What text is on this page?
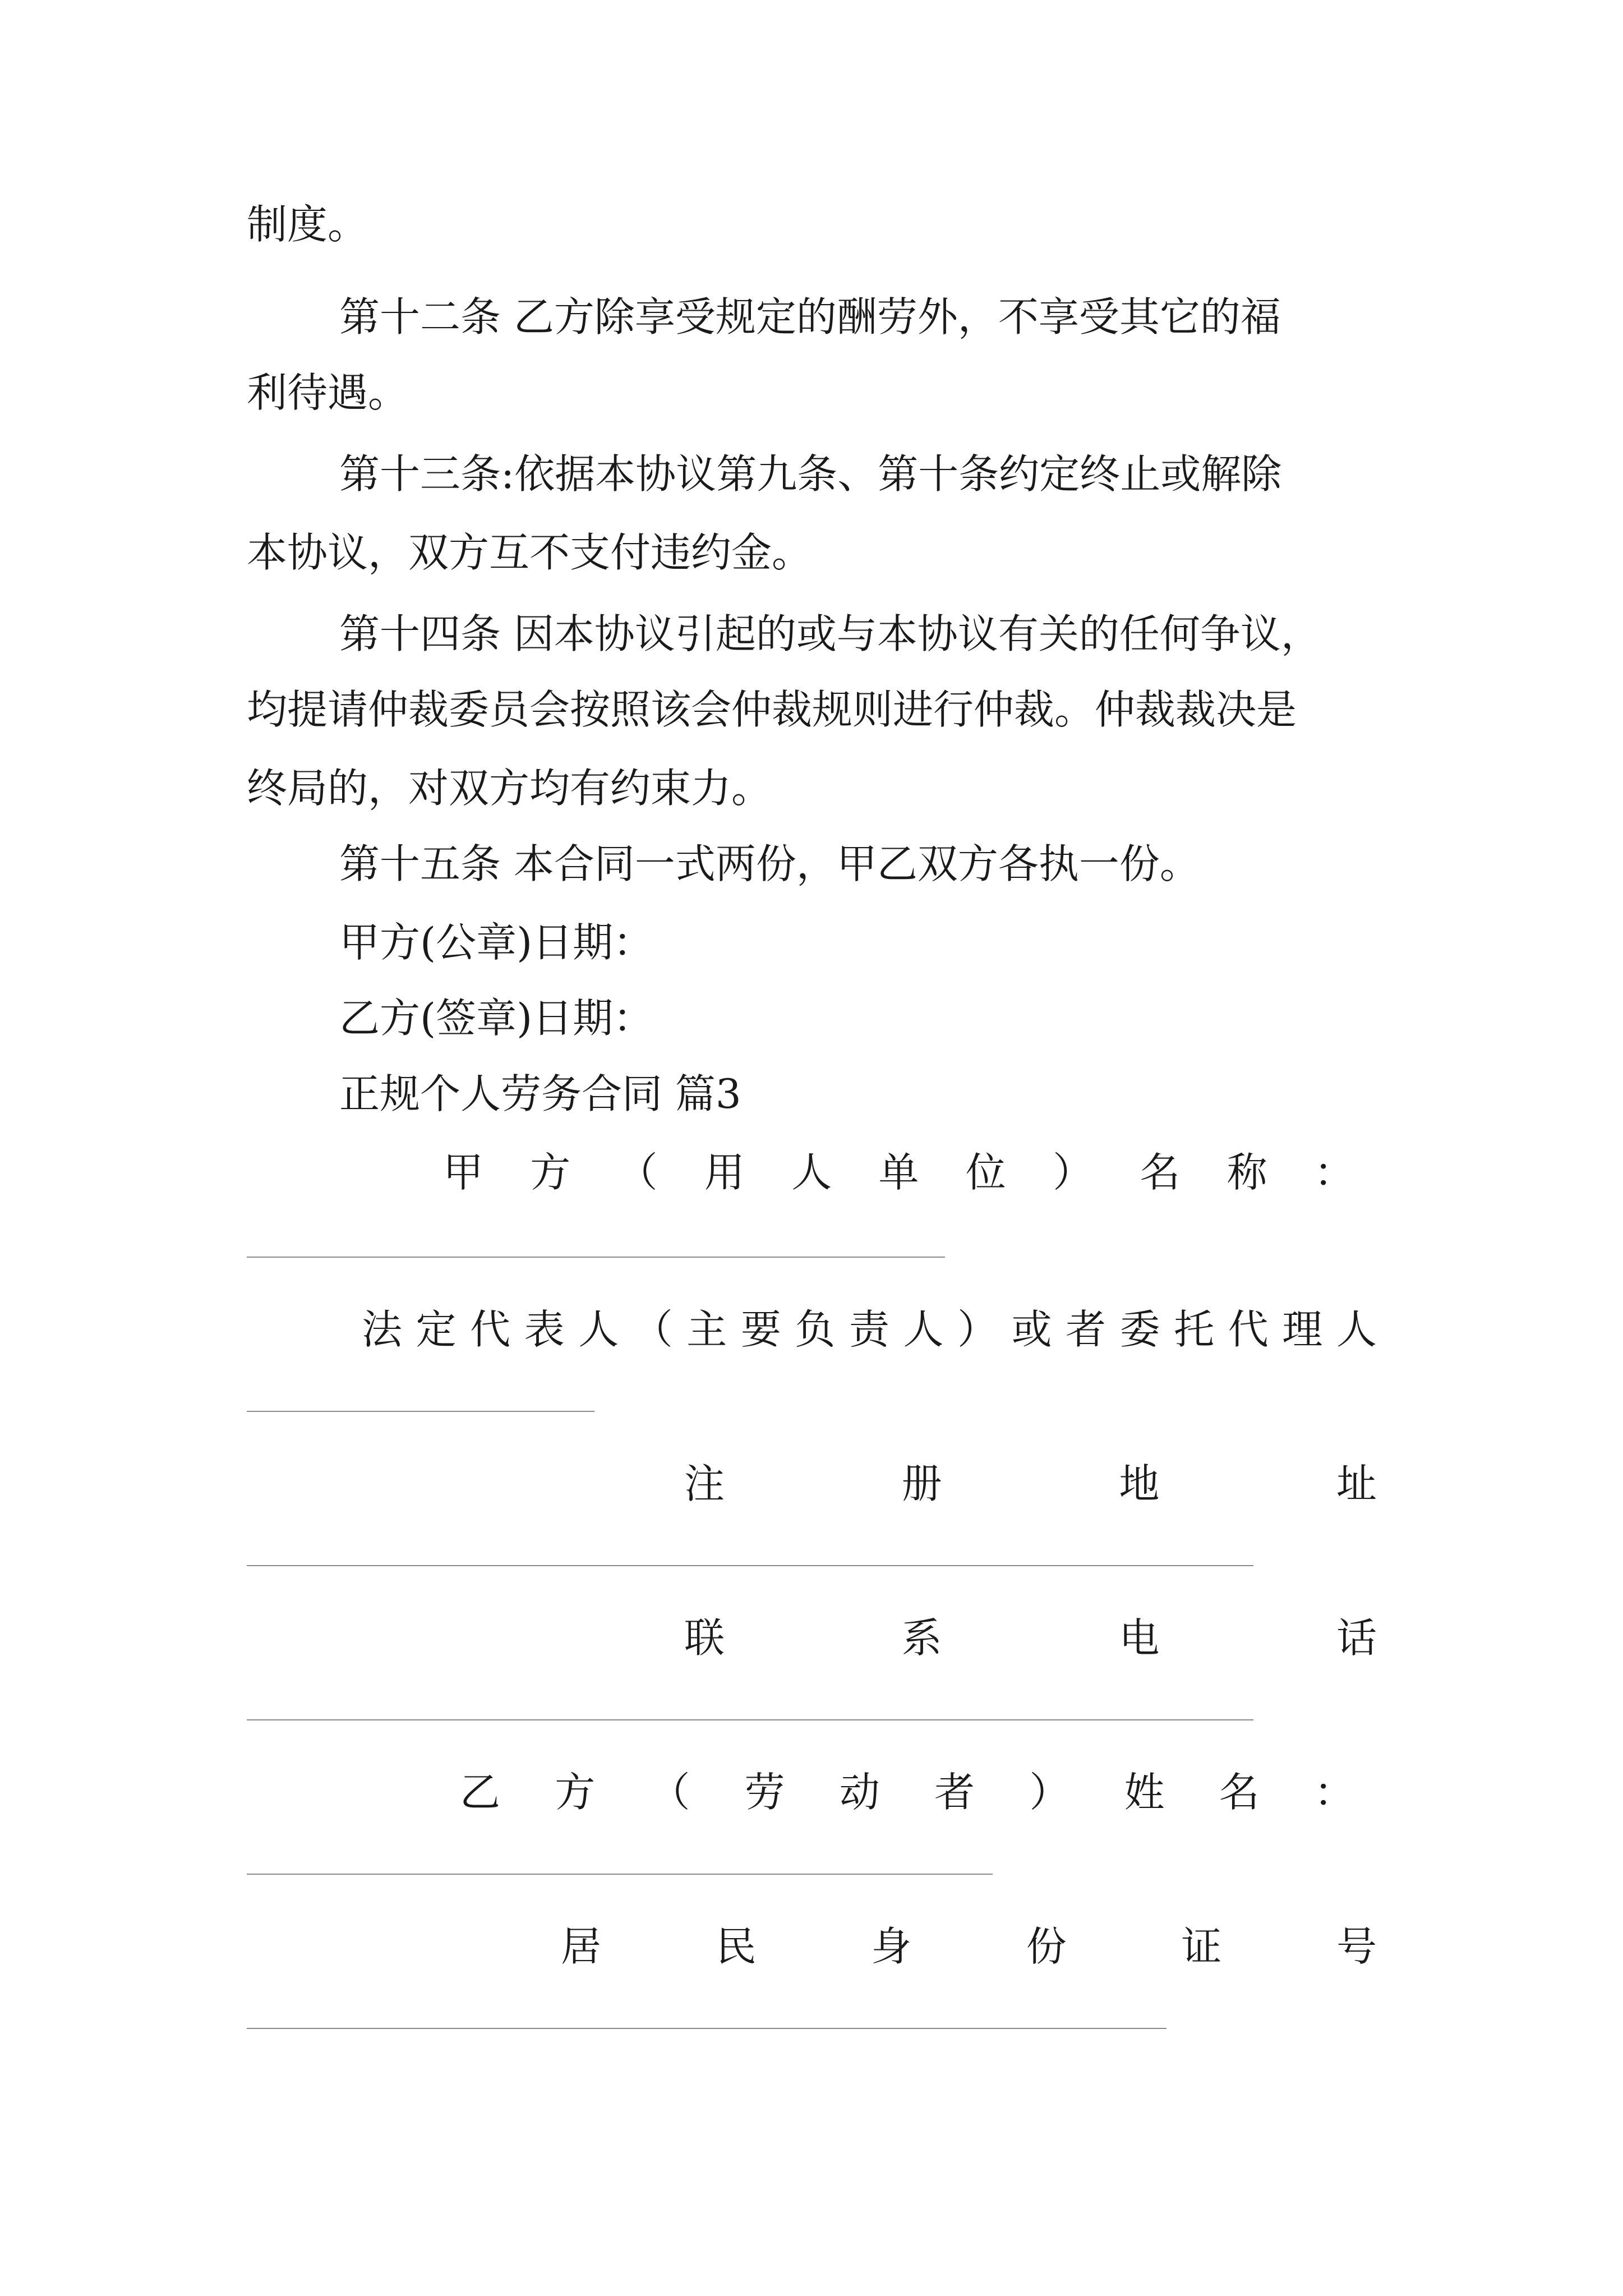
制度。
第十二条 乙方除享受规定的酬劳外，不享受其它的福
利待遇。
第十三条:依据本协议第九条、第十条约定终止或解除
本协议，双方互不支付违约金。
第十四条 因本协议引起的或与本协议有关的任何争议，
均提请仲裁委员会按照该会仲裁规则进行仲裁。仲裁裁决是
终局的，对双方均有约束力。
第十五条 本合同一式两份，甲乙双方各执一份。
甲方(公章)日期：
乙方(签章)日期：
正规个人劳务合同 篇3
甲 方 （ 用 人 单 位 ） 名 称 ：
法 定 代 表 人 （ 主 要 负 责 人 ） 或 者 委 托 代 理 人
注	册	地	址
联	系	电	话
乙 方 （ 劳 动 者 ） 姓 名 ：
居	民	身	份	证	号
